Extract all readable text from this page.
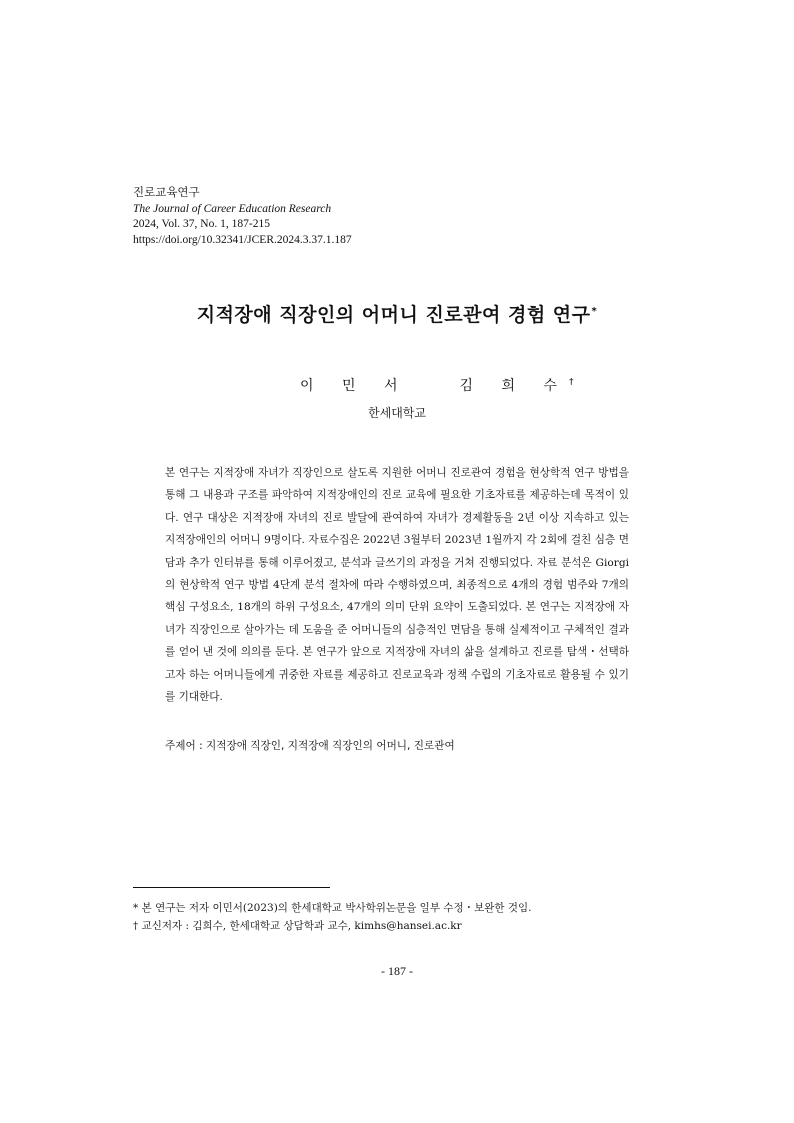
진로교육연구
The Journal of Career Education Research
2024, Vol. 37, No. 1, 187-215
https://doi.org/10.32341/JCER.2024.3.37.1.187
지적장애 직장인의 어머니 진로관여 경험 연구*
이 민 서	김 희 수†
한세대학교
본 연구는 지적장애 자녀가 직장인으로 살도록 지원한 어머니 진로관여 경험을 현상학적 연구 방법을 통해 그 내용과 구조를 파악하여 지적장애인의 진로 교육에 필요한 기초자료를 제공하는데 목적이 있다. 연구 대상은 지적장애 자녀의 진로 발달에 관여하여 자녀가 경제활동을 2년 이상 지속하고 있는 지적장애인의 어머니 9명이다. 자료수집은 2022년 3월부터 2023년 1월까지 각 2회에 걸친 심층 면담과 추가 인터뷰를 통해 이루어졌고, 분석과 글쓰기의 과정을 거쳐 진행되었다. 자료 분석은 Giorgi의 현상학적 연구 방법 4단계 분석 절차에 따라 수행하였으며, 최종적으로 4개의 경험 범주와 7개의 핵심 구성요소, 18개의 하위 구성요소, 47개의 의미 단위 요약이 도출되었다. 본 연구는 지적장애 자녀가 직장인으로 살아가는 데 도움을 준 어머니들의 심층적인 면담을 통해 실제적이고 구체적인 결과를 얻어 낸 것에 의의를 둔다. 본 연구가 앞으로 지적장애 자녀의 삶을 설계하고 진로를 탐색・선택하고자 하는 어머니들에게 귀중한 자료를 제공하고 진로교육과 정책 수립의 기초자료로 활용될 수 있기를 기대한다.
주제어 : 지적장애 직장인, 지적장애 직장인의 어머니, 진로관여
* 본 연구는 저자 이민서(2023)의 한세대학교 박사학위논문을 일부 수정・보완한 것임.
† 교신저자 : 김희수, 한세대학교 상담학과 교수, kimhs@hansei.ac.kr
- 187 -
